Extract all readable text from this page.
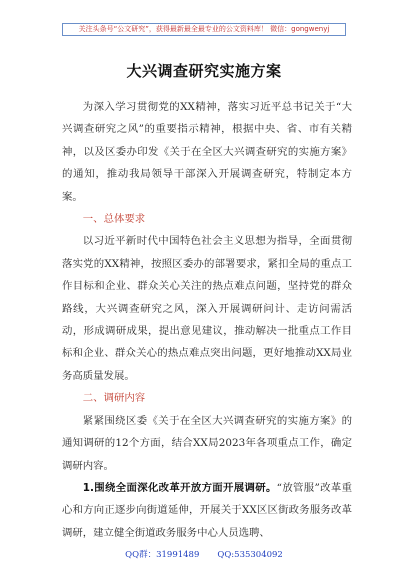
关注头条号“公文研究”，获得最新最全最专业的公文资料库！ 微信：gongwenyj
大兴调查研究实施方案

为深入学习贯彻党的XX精神，落实习近平总书记关于“大兴调查研究之风”的重要指示精神，根据中央、省、市有关精神，以及区委办印发《关于在全区大兴调查研究的实施方案》的通知，推动我局领导干部深入开展调查研究，特制定本方案。

一、总体要求

以习近平新时代中国特色社会主义思想为指导，全面贯彻落实党的XX精神，按照区委办的部署要求，紧扣全局的重点工作目标和企业、群众关心关注的热点难点问题，坚持党的群众路线，大兴调查研究之风，深入开展调研问计、走访问需活动，形成调研成果，提出意见建议，推动解决一批重点工作目标和企业、群众关心的热点难点突出问题，更好地推动XX局业务高质量发展。

二、调研内容

紧紧围绕区委《关于在全区大兴调查研究的实施方案》的通知调研的12个方面，结合XX局2023年各项重点工作，确定调研内容。

1.围绕全面深化改革开放方面开展调研。“放管服”改革重心和方向正逐步向街道延伸，开展关于XX区区街政务服务改革调研，建立健全街道政务服务中心人员选聘、

QQ群：31991489 QQ:535304092
